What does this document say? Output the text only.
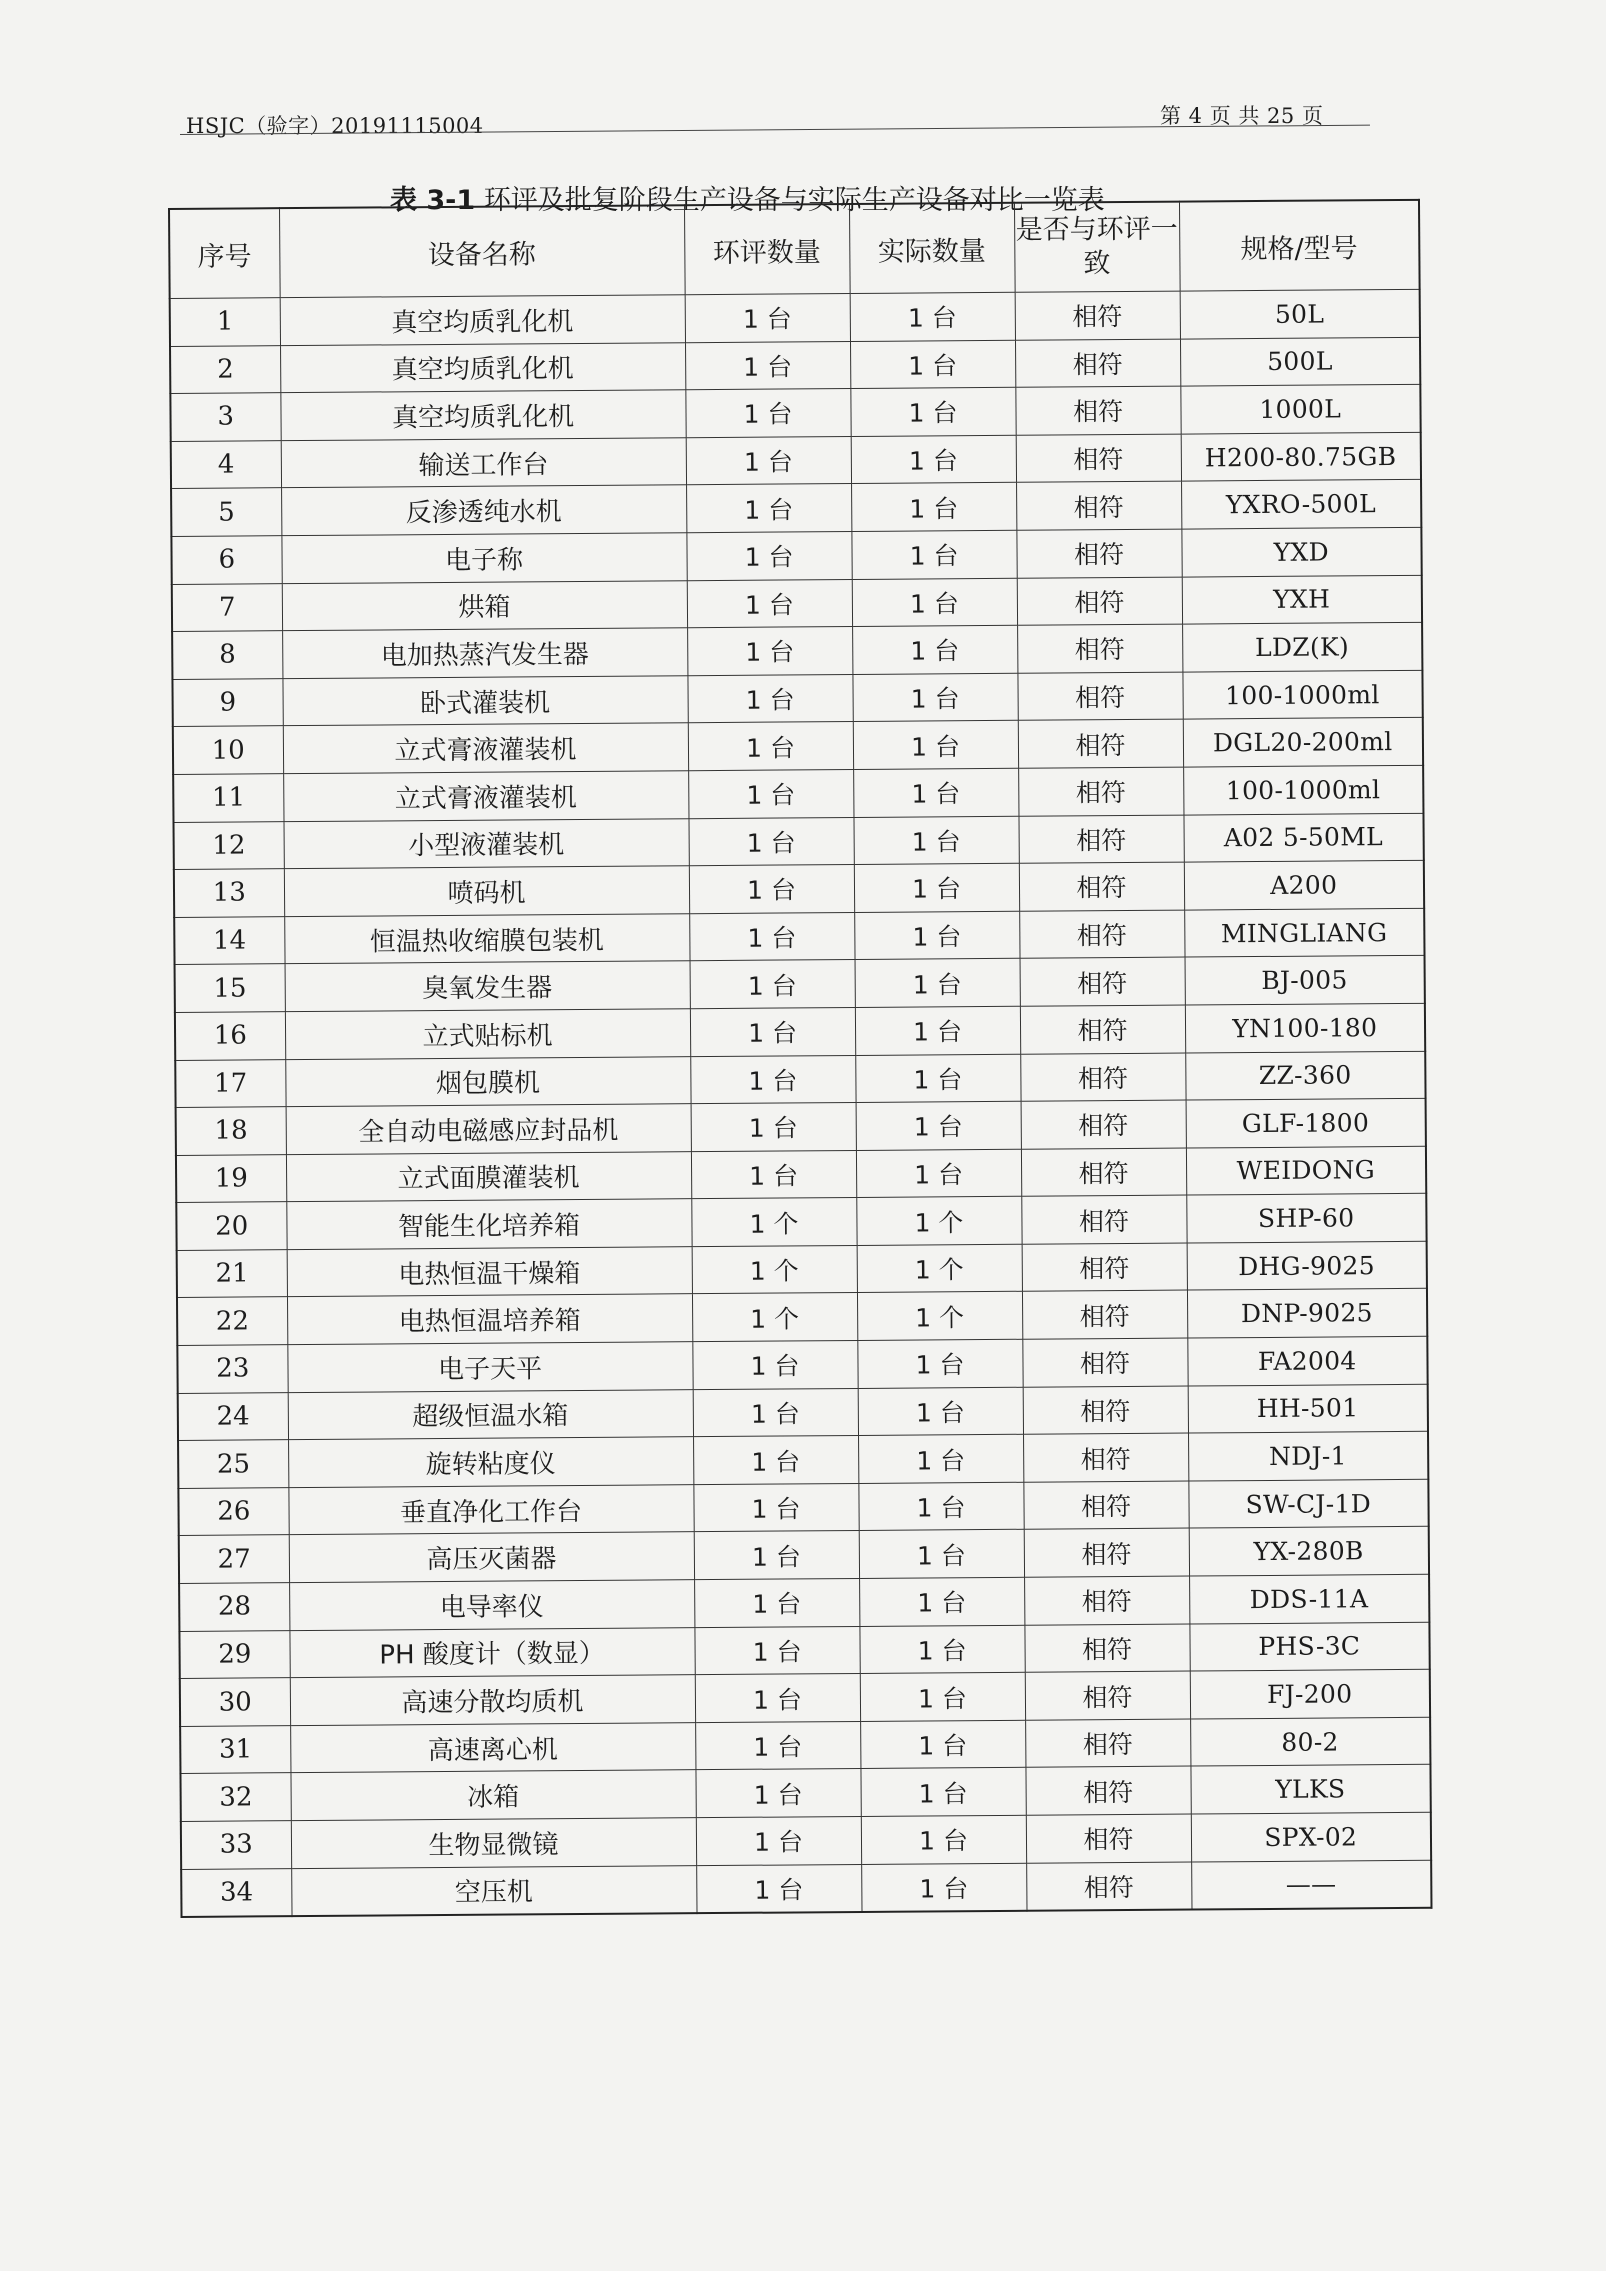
HSJC（验字）20191115004	第 4 页 共 25 页
表 3-1 环评及批复阶段生产设备与实际生产设备对比一览表
序号	设备名称	环评数量	实际数量	是否与环评一致	规格/型号
1	真空均质乳化机	1 台	1 台	相符	50L
2	真空均质乳化机	1 台	1 台	相符	500L
3	真空均质乳化机	1 台	1 台	相符	1000L
4	输送工作台	1 台	1 台	相符	H200-80.75GB
5	反渗透纯水机	1 台	1 台	相符	YXRO-500L
6	电子称	1 台	1 台	相符	YXD
7	烘箱	1 台	1 台	相符	YXH
8	电加热蒸汽发生器	1 台	1 台	相符	LDZ(K)
9	卧式灌装机	1 台	1 台	相符	100-1000ml
10	立式膏液灌装机	1 台	1 台	相符	DGL20-200ml
11	立式膏液灌装机	1 台	1 台	相符	100-1000ml
12	小型液灌装机	1 台	1 台	相符	A02 5-50ML
13	喷码机	1 台	1 台	相符	A200
14	恒温热收缩膜包装机	1 台	1 台	相符	MINGLIANG
15	臭氧发生器	1 台	1 台	相符	BJ-005
16	立式贴标机	1 台	1 台	相符	YN100-180
17	烟包膜机	1 台	1 台	相符	ZZ-360
18	全自动电磁感应封品机	1 台	1 台	相符	GLF-1800
19	立式面膜灌装机	1 台	1 台	相符	WEIDONG
20	智能生化培养箱	1 个	1 个	相符	SHP-60
21	电热恒温干燥箱	1 个	1 个	相符	DHG-9025
22	电热恒温培养箱	1 个	1 个	相符	DNP-9025
23	电子天平	1 台	1 台	相符	FA2004
24	超级恒温水箱	1 台	1 台	相符	HH-501
25	旋转粘度仪	1 台	1 台	相符	NDJ-1
26	垂直净化工作台	1 台	1 台	相符	SW-CJ-1D
27	高压灭菌器	1 台	1 台	相符	YX-280B
28	电导率仪	1 台	1 台	相符	DDS-11A
29	PH 酸度计（数显）	1 台	1 台	相符	PHS-3C
30	高速分散均质机	1 台	1 台	相符	FJ-200
31	高速离心机	1 台	1 台	相符	80-2
32	冰箱	1 台	1 台	相符	YLKS
33	生物显微镜	1 台	1 台	相符	SPX-02
34	空压机	1 台	1 台	相符	——
